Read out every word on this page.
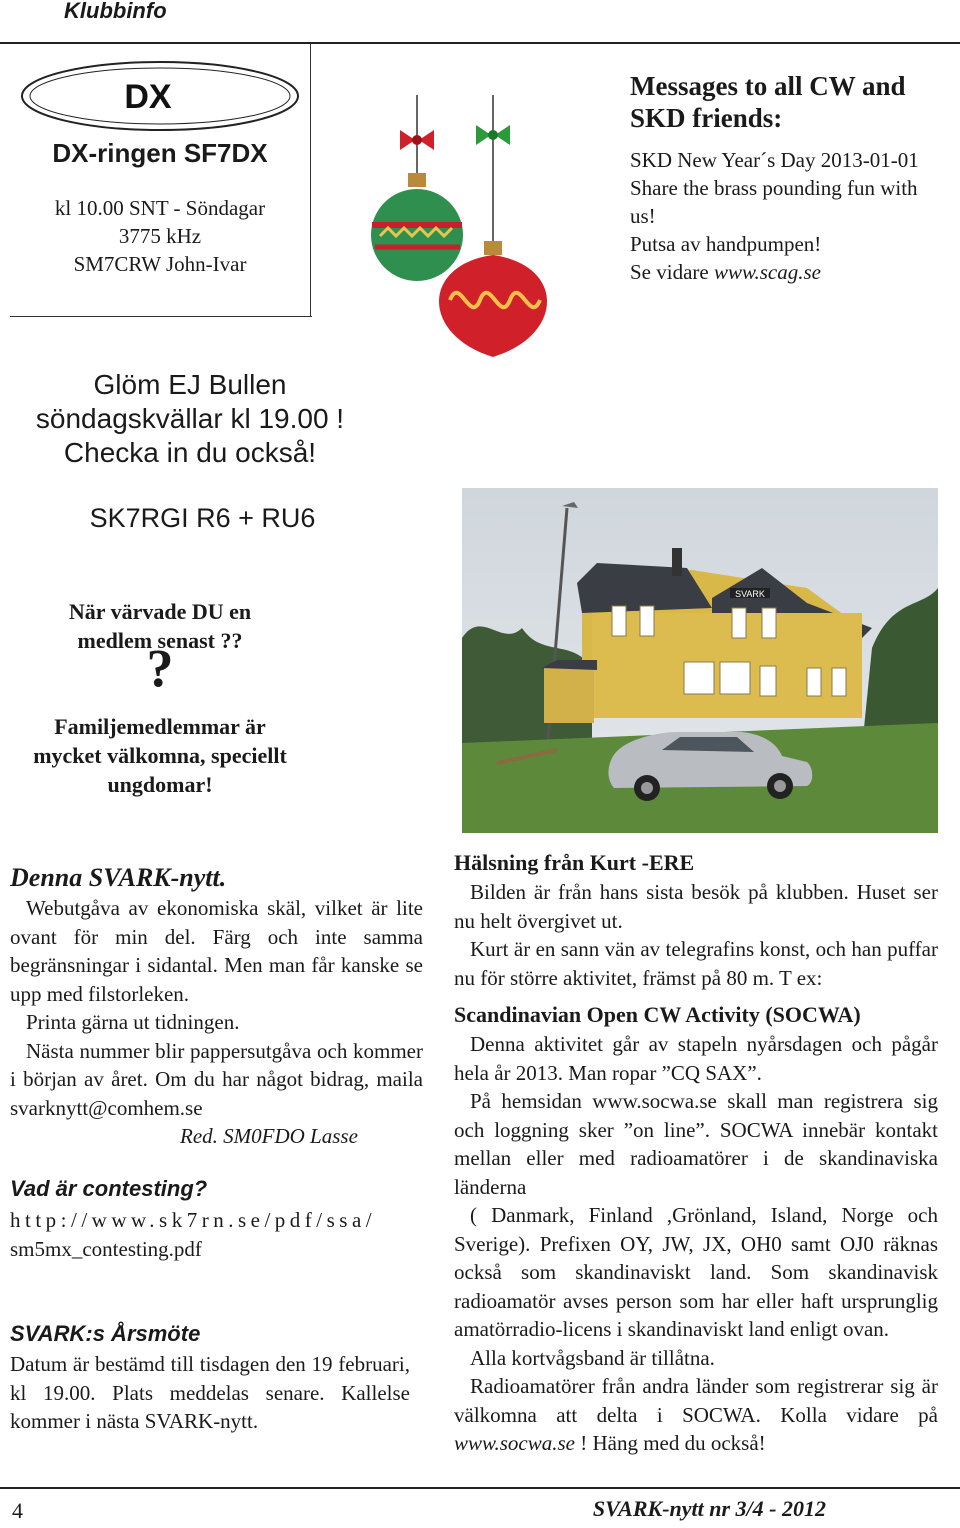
Klubbinfo
DX
DX-ringen SF7DX
kl 10.00 SNT - Söndagar
3775 kHz
SM7CRW John-Ivar
Messages to all CW and SKD friends:
SKD New Year´s Day 2013-01-01
Share the brass pounding fun with us!
Putsa av handpumpen!
Se vidare www.scag.se
Glöm EJ Bullen
söndagskvällar kl 19.00 !
Checka in du också!
SK7RGI R6 + RU6
När värvade DU en medlem senast ??
?
Familjemedlemmar är mycket välkomna, speciellt ungdomar!
SVARK
Denna SVARK-nytt.
Webutgåva av ekonomiska skäl, vilket är lite ovant för min del. Färg och inte samma begränsningar i sidantal. Men man får kanske se upp med filstorleken.
Printa gärna ut tidningen.
Nästa nummer blir pappersutgåva och kommer i början av året. Om du har något bidrag, maila svarknytt@comhem.se
Red. SM0FDO Lasse
Vad är contesting?
http://www.sk7rn.se/pdf/ssa/
sm5mx_contesting.pdf
SVARK:s Årsmöte
Datum är bestämd till tisdagen den 19 februari, kl 19.00. Plats meddelas senare. Kallelse kommer i nästa SVARK-nytt.
Hälsning från Kurt -ERE
Bilden är från hans sista besök på klubben. Huset ser nu helt övergivet ut.
Kurt är en sann vän av telegrafins konst, och han puffar nu för större aktivitet, främst på 80 m. T ex:
Scandinavian Open CW Activity (SOCWA)
Denna aktivitet går av stapeln nyårsdagen och pågår hela år 2013. Man ropar ”CQ SAX”.
På hemsidan www.socwa.se skall man registrera sig och loggning sker ”on line”. SOCWA innebär kontakt mellan eller med radioamatörer i de skandinaviska länderna
( Danmark, Finland ,Grönland, Island, Norge och Sverige). Prefixen OY, JW, JX, OH0 samt OJ0 räknas också som skandinaviskt land. Som skandinavisk radioamatör avses person som har eller haft ursprunglig amatörradio-licens i skandinaviskt land enligt ovan.
Alla kortvågsband är tillåtna.
Radioamatörer från andra länder som registrerar sig är välkomna att delta i SOCWA. Kolla vidare på www.socwa.se ! Häng med du också!
4	SVARK-nytt nr 3/4 - 2012
